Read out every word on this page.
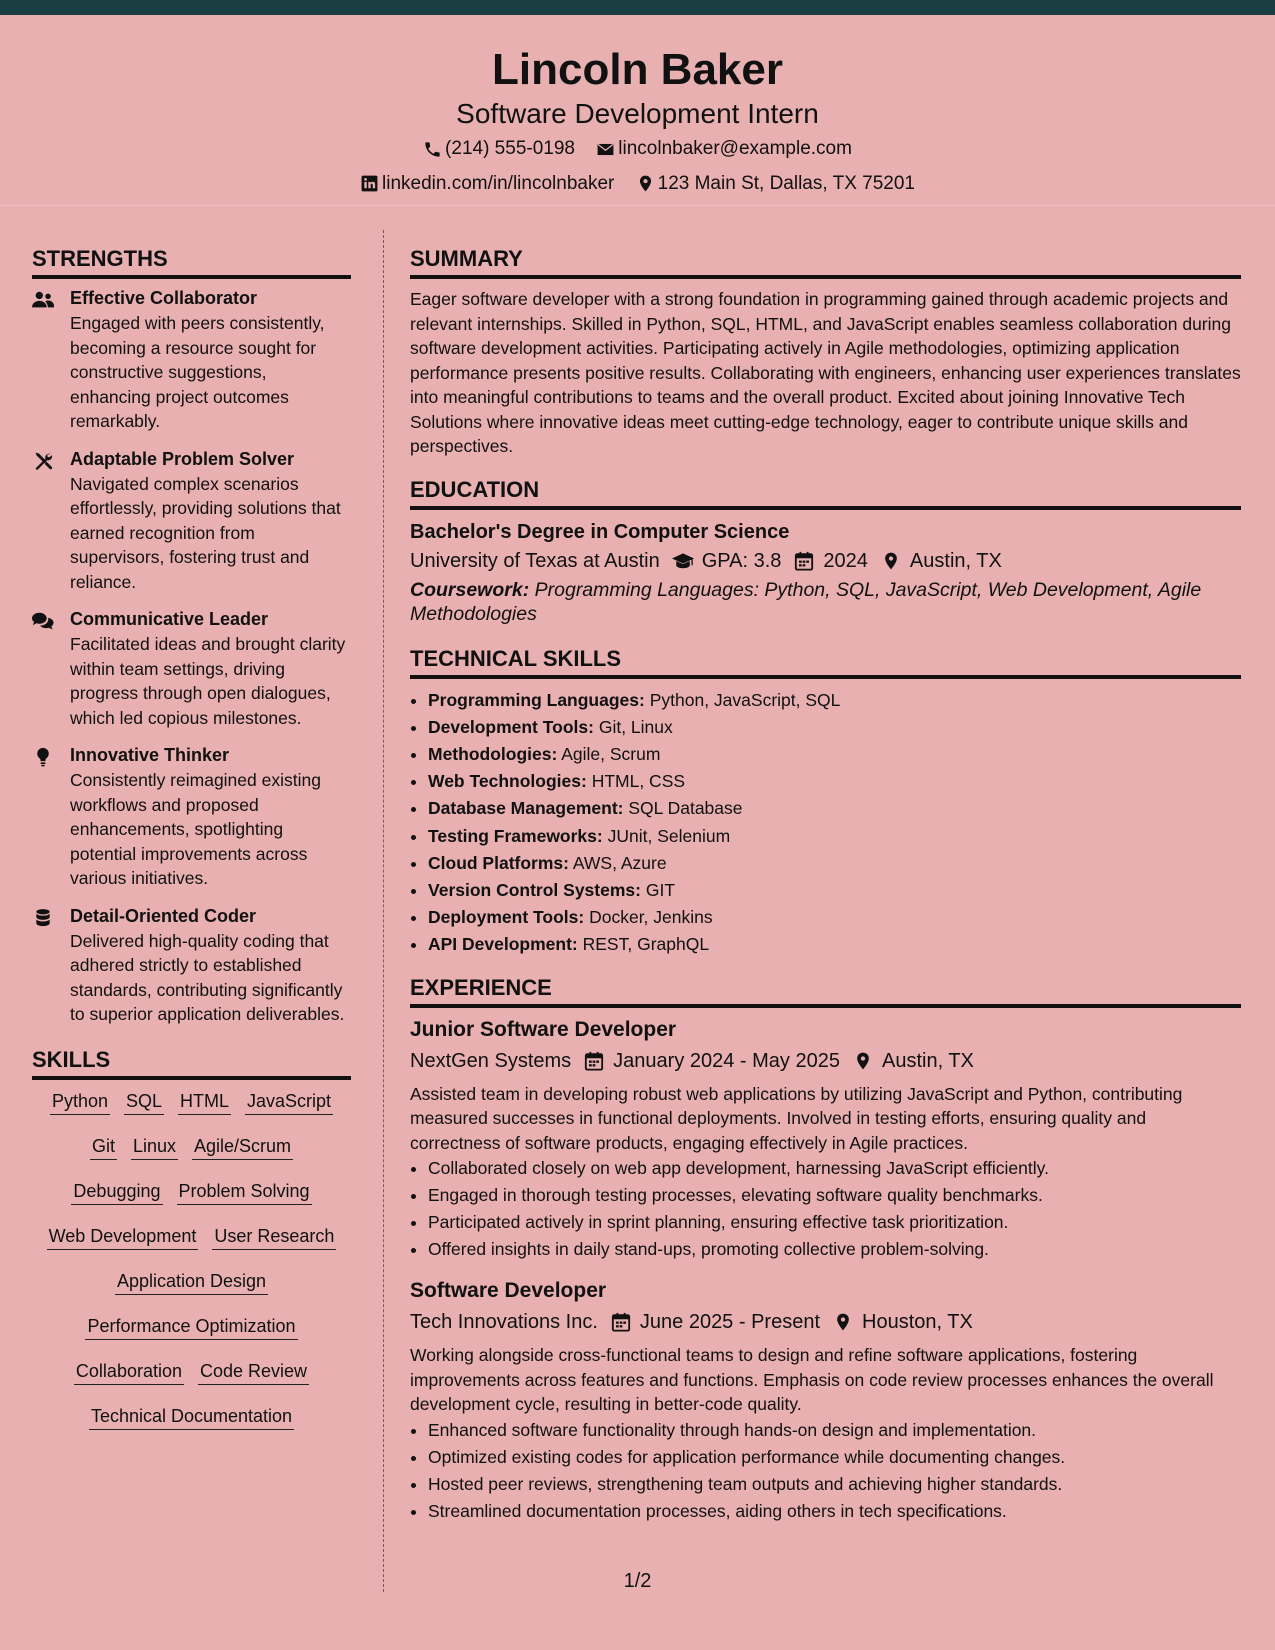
Lincoln Baker
Software Development Intern
(214) 555-0198
lincolnbaker@example.com
linkedin.com/in/lincolnbaker
123 Main St, Dallas, TX 75201
STRENGTHS
Effective Collaborator
Engaged with peers consistently, becoming a resource sought for constructive suggestions, enhancing project outcomes remarkably.
Adaptable Problem Solver
Navigated complex scenarios effortlessly, providing solutions that earned recognition from supervisors, fostering trust and reliance.
Communicative Leader
Facilitated ideas and brought clarity within team settings, driving progress through open dialogues, which led copious milestones.
Innovative Thinker
Consistently reimagined existing workflows and proposed enhancements, spotlighting potential improvements across various initiatives.
Detail-Oriented Coder
Delivered high-quality coding that adhered strictly to established standards, contributing significantly to superior application deliverables.
SKILLS
Python SQL HTML JavaScript
Git Linux Agile/Scrum
Debugging Problem Solving
Web Development User Research
Application Design
Performance Optimization
Collaboration Code Review
Technical Documentation
SUMMARY
Eager software developer with a strong foundation in programming gained through academic projects and relevant internships. Skilled in Python, SQL, HTML, and JavaScript enables seamless collaboration during software development activities. Participating actively in Agile methodologies, optimizing application performance presents positive results. Collaborating with engineers, enhancing user experiences translates into meaningful contributions to teams and the overall product. Excited about joining Innovative Tech Solutions where innovative ideas meet cutting-edge technology, eager to contribute unique skills and perspectives.
EDUCATION
Bachelor's Degree in Computer Science
University of Texas at Austin GPA: 3.8 2024 Austin, TX
Coursework: Programming Languages: Python, SQL, JavaScript, Web Development, Agile Methodologies
TECHNICAL SKILLS
• Programming Languages: Python, JavaScript, SQL
• Development Tools: Git, Linux
• Methodologies: Agile, Scrum
• Web Technologies: HTML, CSS
• Database Management: SQL Database
• Testing Frameworks: JUnit, Selenium
• Cloud Platforms: AWS, Azure
• Version Control Systems: GIT
• Deployment Tools: Docker, Jenkins
• API Development: REST, GraphQL
EXPERIENCE
Junior Software Developer
NextGen Systems January 2024 - May 2025 Austin, TX
Assisted team in developing robust web applications by utilizing JavaScript and Python, contributing measured successes in functional deployments. Involved in testing efforts, ensuring quality and correctness of software products, engaging effectively in Agile practices.
• Collaborated closely on web app development, harnessing JavaScript efficiently.
• Engaged in thorough testing processes, elevating software quality benchmarks.
• Participated actively in sprint planning, ensuring effective task prioritization.
• Offered insights in daily stand-ups, promoting collective problem-solving.
Software Developer
Tech Innovations Inc. June 2025 - Present Houston, TX
Working alongside cross-functional teams to design and refine software applications, fostering improvements across features and functions. Emphasis on code review processes enhances the overall development cycle, resulting in better-code quality.
• Enhanced software functionality through hands-on design and implementation.
• Optimized existing codes for application performance while documenting changes.
• Hosted peer reviews, strengthening team outputs and achieving higher standards.
• Streamlined documentation processes, aiding others in tech specifications.
1/2
